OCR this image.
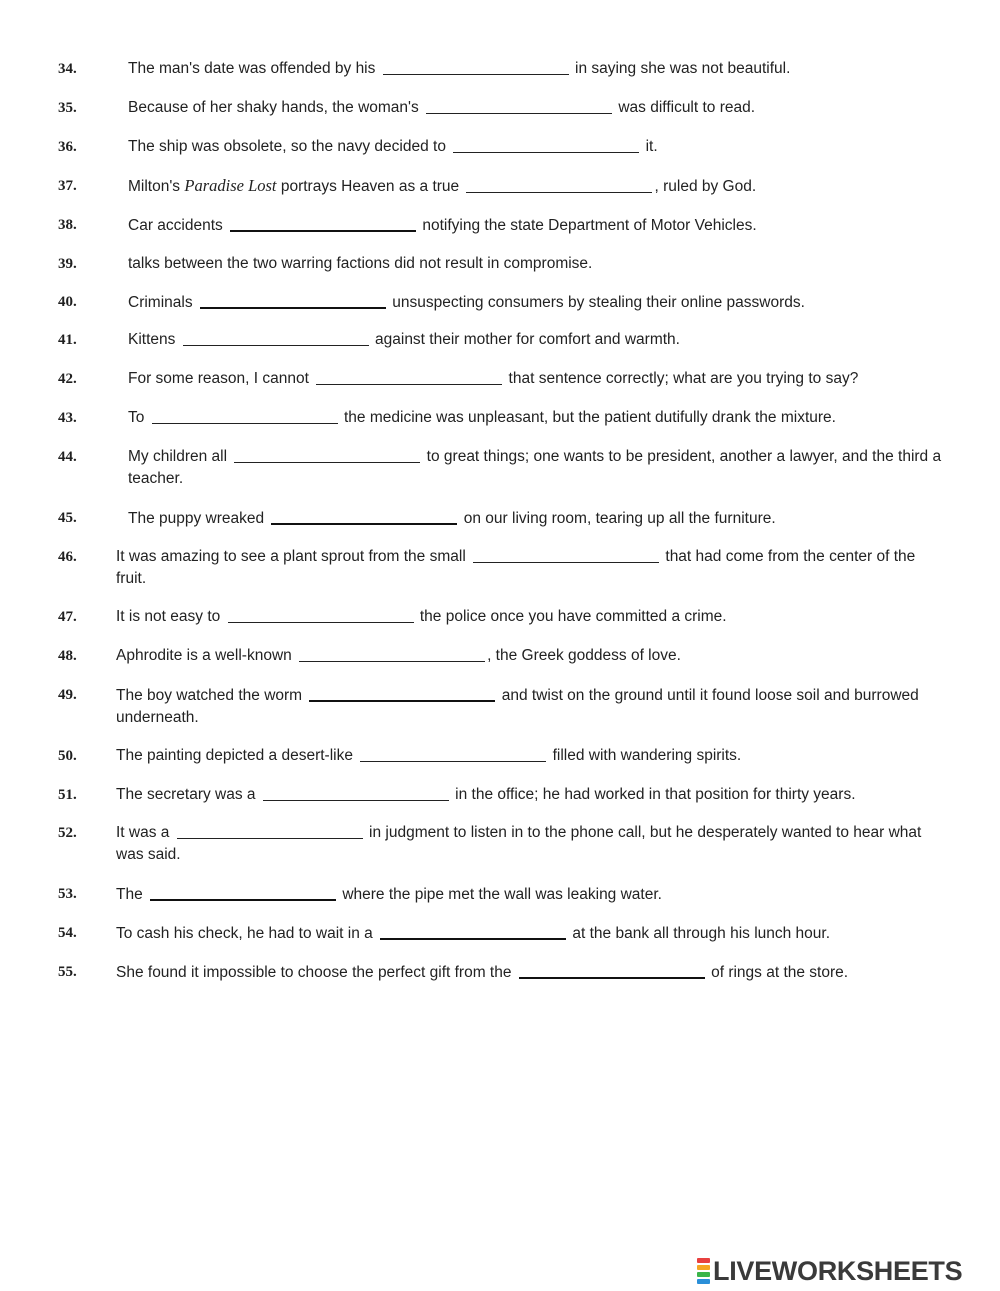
34.	The man's date was offended by his	in saying she was not beautiful.
35.	Because of her shaky hands, the woman's	was difficult to read.
36.	The ship was obsolete, so the navy decided to	it.
37.	Milton's Paradise Lost portrays Heaven as a true	, ruled by God.
38.	Car accidents	notifying the state Department of Motor Vehicles.
39.	talks between the two warring factions did not result in compromise.
40.	Criminals	unsuspecting consumers by stealing their online passwords.
41.	Kittens	against their mother for comfort and warmth.
42.	For some reason, I cannot	that sentence correctly; what are you trying to say?
43.	To	the medicine was unpleasant, but the patient dutifully drank the mixture.
44.	My children all	to great things; one wants to be president, another a lawyer, and the third a teacher.
45.	The puppy wreaked	on our living room, tearing up all the furniture.
46.	It was amazing to see a plant sprout from the small	that had come from the center of the fruit.
47.	It is not easy to	the police once you have committed a crime.
48.	Aphrodite is a well-known	, the Greek goddess of love.
49.	The boy watched the worm	and twist on the ground until it found loose soil and burrowed underneath.
50.	The painting depicted a desert-like	filled with wandering spirits.
51.	The secretary was a	in the office; he had worked in that position for thirty years.
52.	It was a	in judgment to listen in to the phone call, but he desperately wanted to hear what was said.
53.	The	where the pipe met the wall was leaking water.
54.	To cash his check, he had to wait in a	at the bank all through his lunch hour.
55.	She found it impossible to choose the perfect gift from the	of rings at the store.
LIVEWORKSHEETS
